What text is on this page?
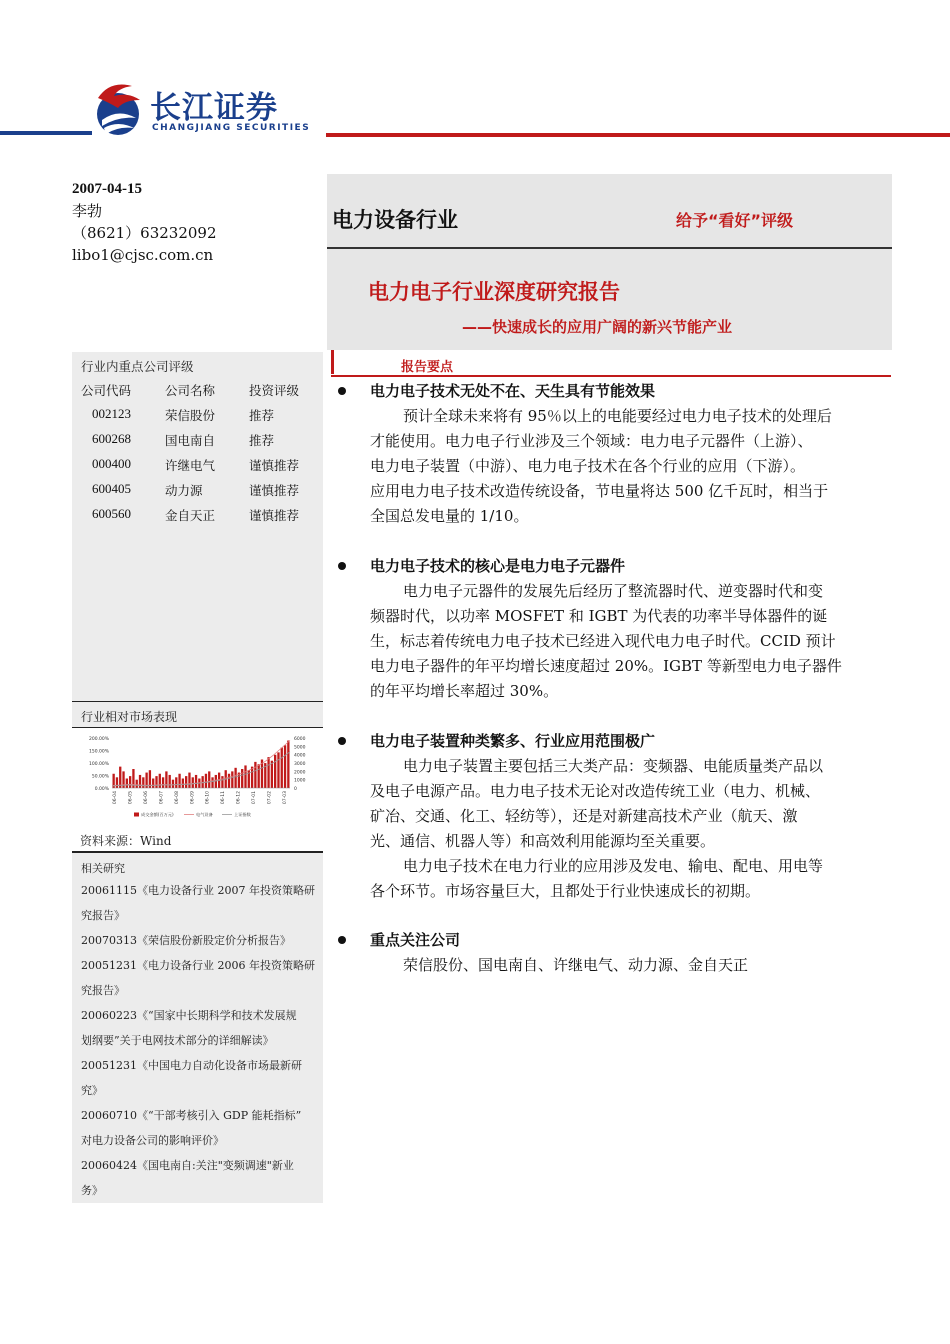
长江证券
CHANGJIANG SECURITIES
2007-04-15
李勃
（8621）63232092
libo1@cjsc.com.cn
电力设备行业	给予“看好”评级
电力电子行业深度研究报告
——快速成长的应用广阔的新兴节能产业
报告要点
行业内重点公司评级
公司代码	公司名称	投资评级
002123	荣信股份	推荐
600268	国电南自	推荐
000400	许继电气	谨慎推荐
600405	动力源	谨慎推荐
600560	金自天正	谨慎推荐
行业相对市场表现
200.00%
150.00%
100.00%
50.00%
0.00%
6000
5000
4000
3000
2000
1000
0
06-04 06-05 06-06 06-07 06-08 06-09 06-10 06-11 06-12 07-01 07-02 07-03
成交金额(百万元)	电气设备	上证指数
资料来源：Wind
相关研究
20061115《电力设备行业 2007 年投资策略研
究报告》
20070313《荣信股份新股定价分析报告》
20051231《电力设备行业 2006 年投资策略研
究报告》
20060223《“国家中长期科学和技术发展规
划纲要”关于电网技术部分的详细解读》
20051231《中国电力自动化设备市场最新研
究》
20060710《“干部考核引入 GDP 能耗指标”
对电力设备公司的影响评价》
20060424《国电南自:关注"变频调速"新业
务》
电力电子技术无处不在、天生具有节能效果
预计全球未来将有 95％以上的电能要经过电力电子技术的处理后
才能使用。电力电子行业涉及三个领域：电力电子元器件（上游）、
电力电子装置（中游）、电力电子技术在各个行业的应用（下游）。
应用电力电子技术改造传统设备，节电量将达 500 亿千瓦时，相当于
全国总发电量的 1/10。
电力电子技术的核心是电力电子元器件
电力电子元器件的发展先后经历了整流器时代、逆变器时代和变
频器时代，以功率 MOSFET 和 IGBT 为代表的功率半导体器件的诞
生，标志着传统电力电子技术已经进入现代电力电子时代。CCID 预计
电力电子器件的年平均增长速度超过 20%。IGBT 等新型电力电子器件
的年平均增长率超过 30%。
电力电子装置种类繁多、行业应用范围极广
电力电子装置主要包括三大类产品：变频器、电能质量类产品以
及电子电源产品。电力电子技术无论对改造传统工业（电力、机械、
矿冶、交通、化工、轻纺等），还是对新建高技术产业（航天、激
光、通信、机器人等）和高效利用能源均至关重要。
电力电子技术在电力行业的应用涉及发电、输电、配电、用电等
各个环节。市场容量巨大，且都处于行业快速成长的初期。
重点关注公司
荣信股份、国电南自、许继电气、动力源、金自天正
